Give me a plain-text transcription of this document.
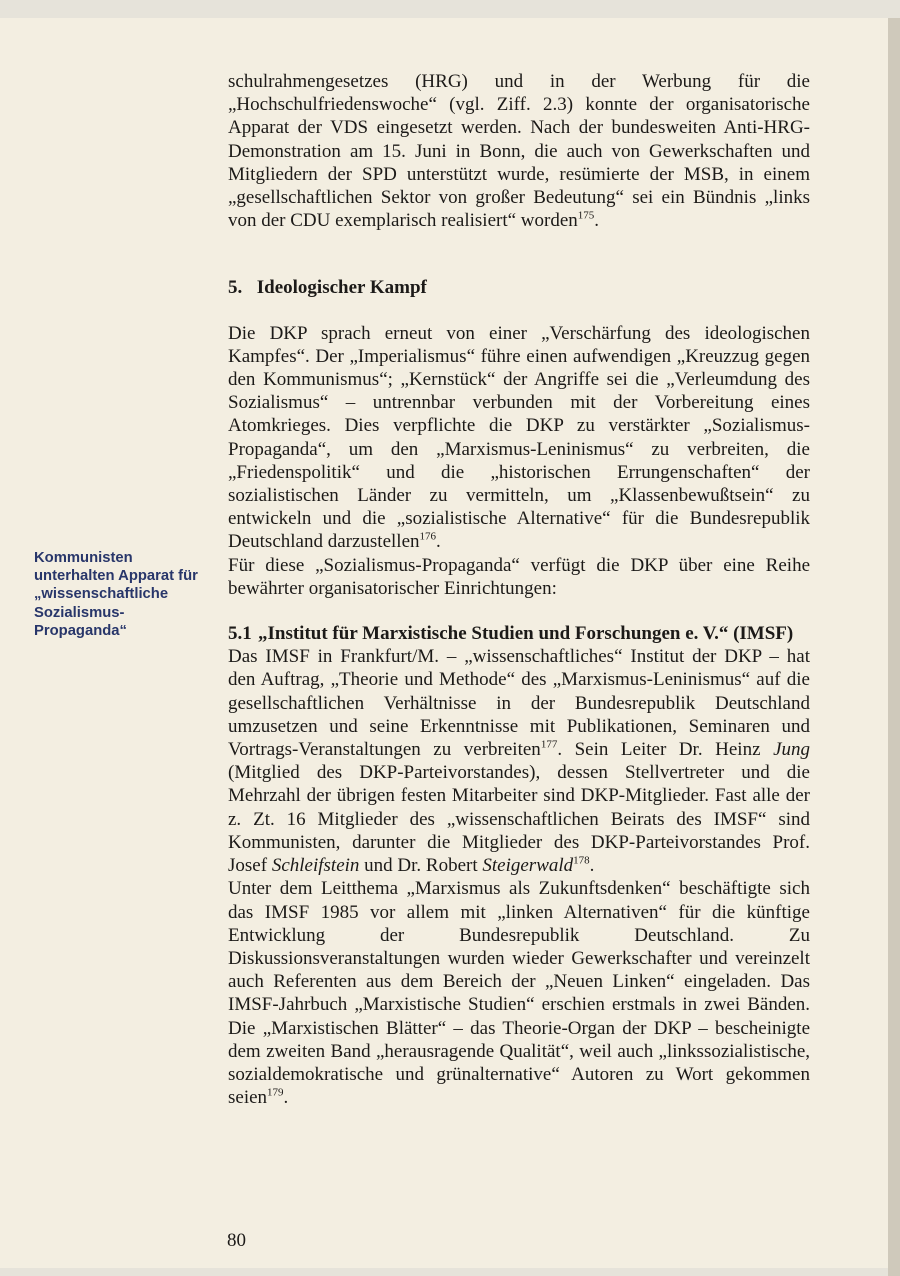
Kommunisten unterhalten Apparat für „wissenschaftliche Sozialismus-Propaganda“

schulrahmengesetzes (HRG) und in der Werbung für die „Hochschulfriedenswoche“ (vgl. Ziff. 2.3) konnte der organisatorische Apparat der VDS eingesetzt werden. Nach der bundesweiten Anti-HRG-Demonstration am 15. Juni in Bonn, die auch von Gewerkschaften und Mitgliedern der SPD unterstützt wurde, resümierte der MSB, in einem „gesellschaftlichen Sektor von großer Bedeutung“ sei ein Bündnis „links von der CDU exemplarisch realisiert“ worden$^{175}$.

5. Ideologischer Kampf

Die DKP sprach erneut von einer „Verschärfung des ideologischen Kampfes“. Der „Imperialismus“ führe einen aufwendigen „Kreuzzug gegen den Kommunismus“; „Kernstück“ der Angriffe sei die „Verleumdung des Sozialismus“ – untrennbar verbunden mit der Vorbereitung eines Atomkrieges. Dies verpflichte die DKP zu verstärkter „Sozialismus-Propaganda“, um den „Marxismus-Leninismus“ zu verbreiten, die „Friedenspolitik“ und die „historischen Errungenschaften“ der sozialistischen Länder zu vermitteln, um „Klassenbewußtsein“ zu entwickeln und die „sozialistische Alternative“ für die Bundesrepublik Deutschland darzustellen$^{176}$.

Für diese „Sozialismus-Propaganda“ verfügt die DKP über eine Reihe bewährter organisatorischer Einrichtungen:

5.1 „Institut für Marxistische Studien und Forschungen e. V.“ (IMSF)

Das IMSF in Frankfurt/M. – „wissenschaftliches“ Institut der DKP – hat den Auftrag, „Theorie und Methode“ des „Marxismus-Leninismus“ auf die gesellschaftlichen Verhältnisse in der Bundesrepublik Deutschland umzusetzen und seine Erkenntnisse mit Publikationen, Seminaren und Vortrags-Veranstaltungen zu verbreiten$^{177}$. Sein Leiter Dr. Heinz Jung (Mitglied des DKP-Parteivorstandes), dessen Stellvertreter und die Mehrzahl der übrigen festen Mitarbeiter sind DKP-Mitglieder. Fast alle der z. Zt. 16 Mitglieder des „wissenschaftlichen Beirats des IMSF“ sind Kommunisten, darunter die Mitglieder des DKP-Parteivorstandes Prof. Josef Schleifstein und Dr. Robert Steigerwald$^{178}$.

Unter dem Leitthema „Marxismus als Zukunftsdenken“ beschäftigte sich das IMSF 1985 vor allem mit „linken Alternativen“ für die künftige Entwicklung der Bundesrepublik Deutschland. Zu Diskussionsveranstaltungen wurden wieder Gewerkschafter und vereinzelt auch Referenten aus dem Bereich der „Neuen Linken“ eingeladen. Das IMSF-Jahrbuch „Marxistische Studien“ erschien erstmals in zwei Bänden. Die „Marxistischen Blätter“ – das Theorie-Organ der DKP – bescheinigte dem zweiten Band „herausragende Qualität“, weil auch „linkssozialistische, sozialdemokratische und grünalternative“ Autoren zu Wort gekommen seien$^{179}$.

80
